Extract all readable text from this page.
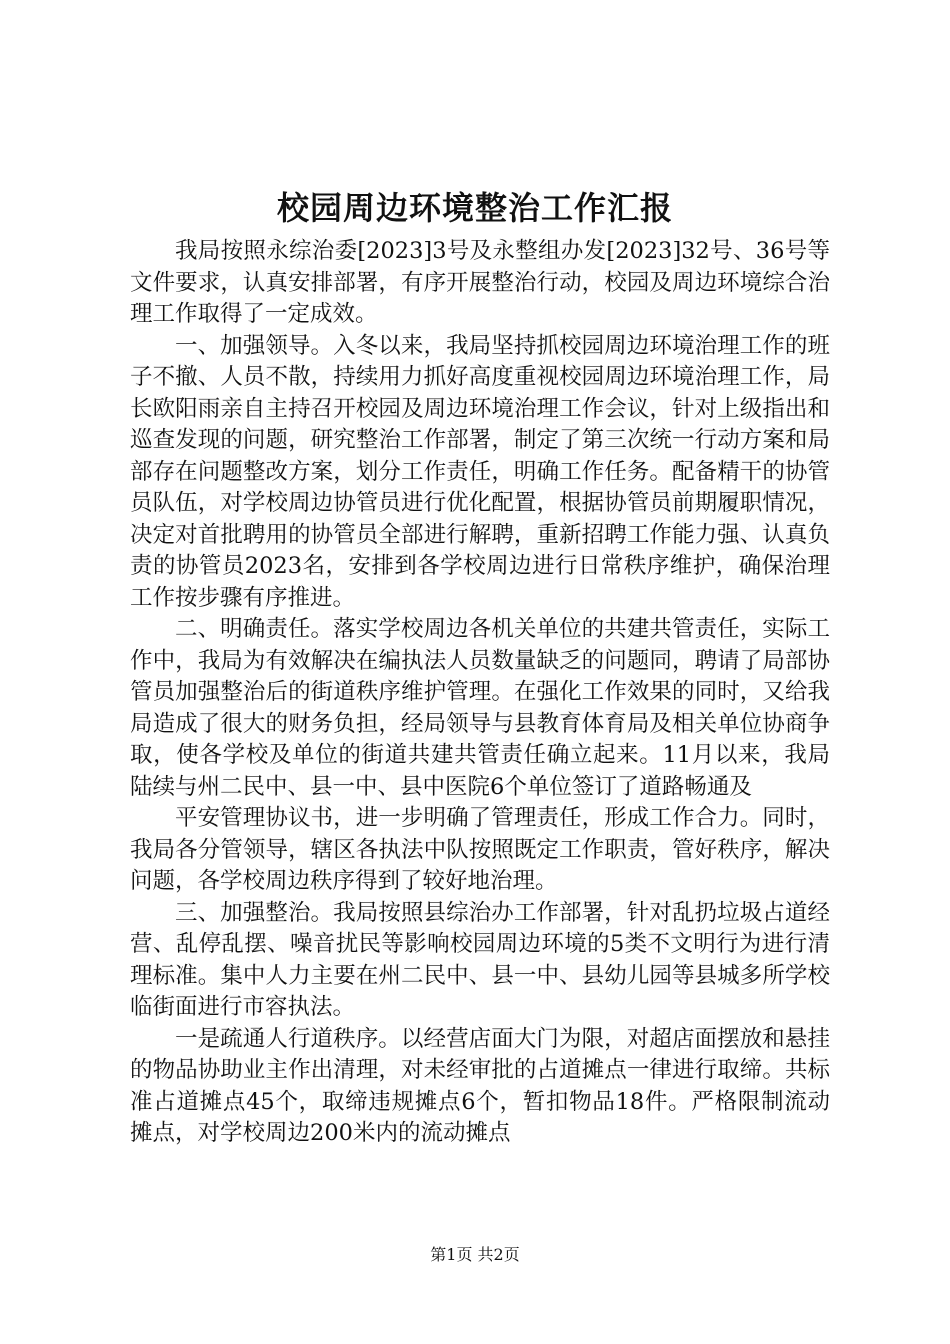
校园周边环境整治工作汇报

我局按照永综治委[2023]3号及永整组办发[2023]32号、36号等文件要求，认真安排部署，有序开展整治行动，校园及周边环境综合治理工作取得了一定成效。

一、加强领导。入冬以来，我局坚持抓校园周边环境治理工作的班子不撤、人员不散，持续用力抓好高度重视校园周边环境治理工作，局长欧阳雨亲自主持召开校园及周边环境治理工作会议，针对上级指出和巡查发现的问题，研究整治工作部署，制定了第三次统一行动方案和局部存在问题整改方案，划分工作责任，明确工作任务。配备精干的协管员队伍，对学校周边协管员进行优化配置，根据协管员前期履职情况，决定对首批聘用的协管员全部进行解聘，重新招聘工作能力强、认真负责的协管员2023名，安排到各学校周边进行日常秩序维护，确保治理工作按步骤有序推进。

二、明确责任。落实学校周边各机关单位的共建共管责任，实际工作中，我局为有效解决在编执法人员数量缺乏的问题同，聘请了局部协管员加强整治后的街道秩序维护管理。在强化工作效果的同时，又给我局造成了很大的财务负担，经局领导与县教育体育局及相关单位协商争取，使各学校及单位的街道共建共管责任确立起来。11月以来，我局陆续与州二民中、县一中、县中医院6个单位签订了道路畅通及

平安管理协议书，进一步明确了管理责任，形成工作合力。同时，我局各分管领导，辖区各执法中队按照既定工作职责，管好秩序，解决问题，各学校周边秩序得到了较好地治理。

三、加强整治。我局按照县综治办工作部署，针对乱扔垃圾占道经营、乱停乱摆、噪音扰民等影响校园周边环境的5类不文明行为进行清理标准。集中人力主要在州二民中、县一中、县幼儿园等县城多所学校临街面进行市容执法。

一是疏通人行道秩序。以经营店面大门为限，对超店面摆放和悬挂的物品协助业主作出清理，对未经审批的占道摊点一律进行取缔。共标准占道摊点45个，取缔违规摊点6个，暂扣物品18件。严格限制流动摊点，对学校周边200米内的流动摊点

第1页 共2页
